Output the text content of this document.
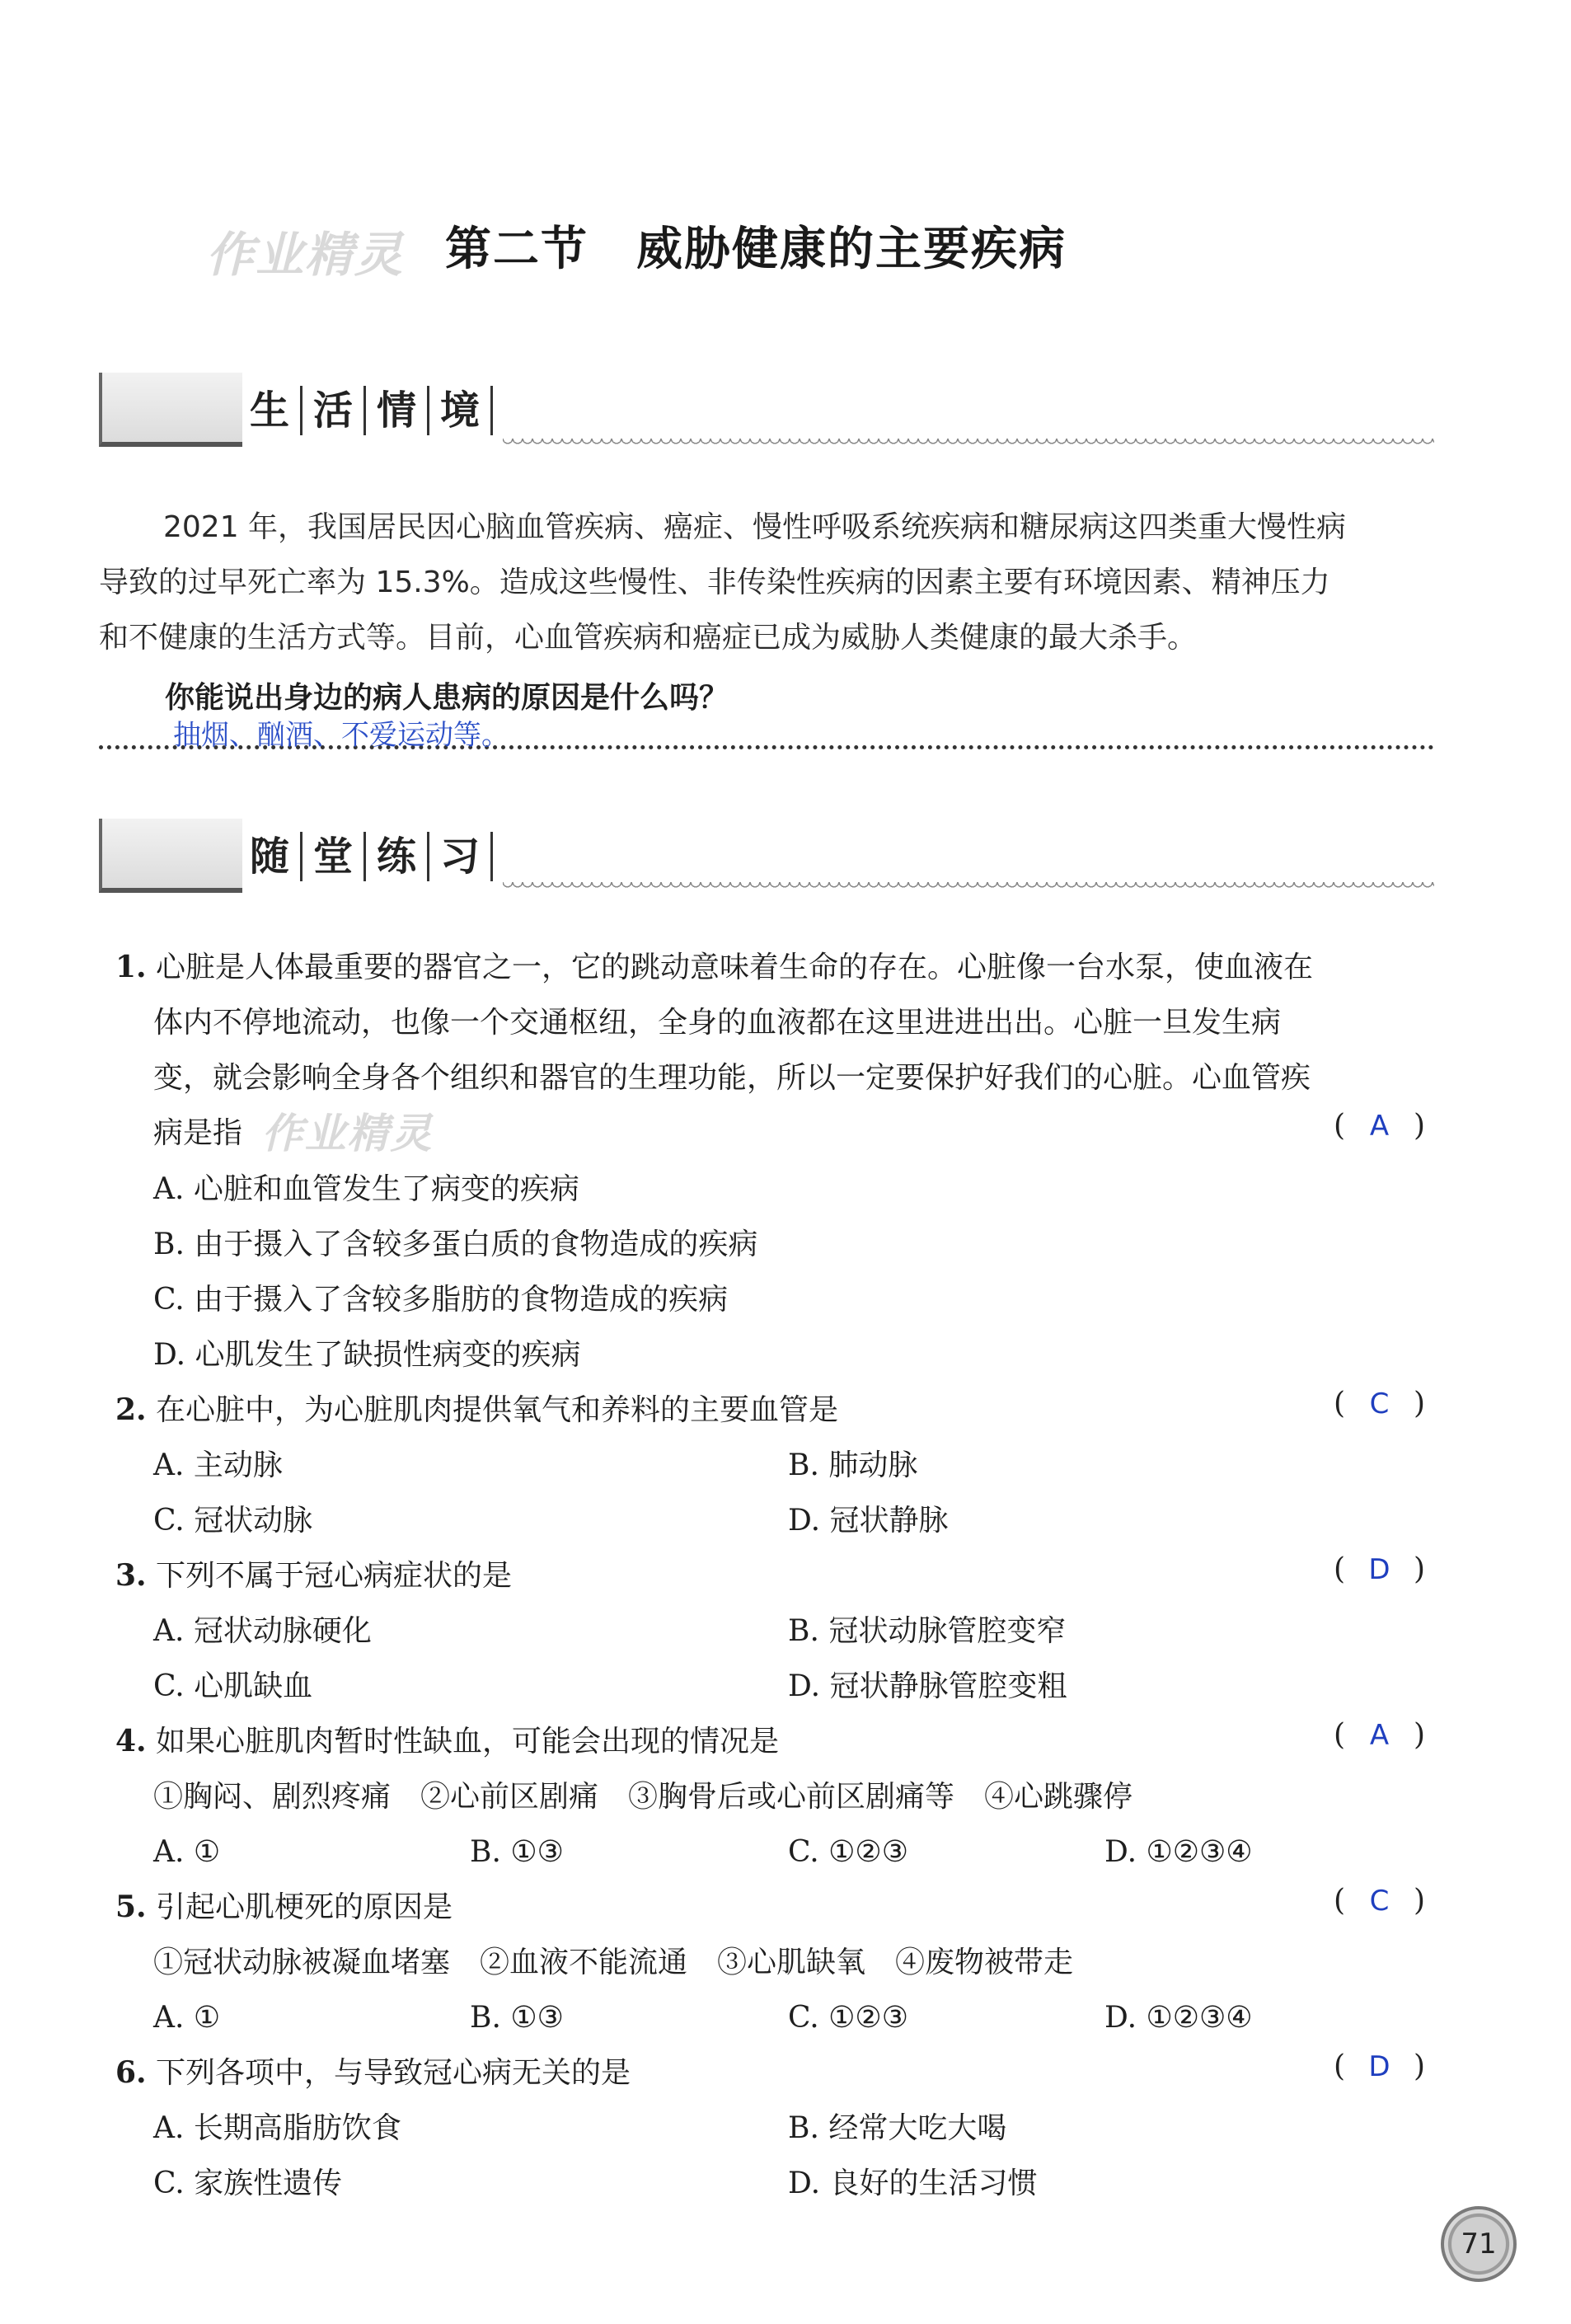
作业精灵 第二节　威胁健康的主要疾病
生 活 情 境
2021 年，我国居民因心脑血管疾病、癌症、慢性呼吸系统疾病和糖尿病这四类重大慢性病
导致的过早死亡率为 15.3%。造成这些慢性、非传染性疾病的因素主要有环境因素、精神压力
和不健康的生活方式等。目前，心血管疾病和癌症已成为威胁人类健康的最大杀手。
你能说出身边的病人患病的原因是什么吗？
抽烟、酗酒、不爱运动等。
随 堂 练 习
1. 心脏是人体最重要的器官之一，它的跳动意味着生命的存在。心脏像一台水泵，使血液在
体内不停地流动，也像一个交通枢纽，全身的血液都在这里进进出出。心脏一旦发生病
变，就会影响全身各个组织和器官的生理功能，所以一定要保护好我们的心脏。心血管疾
病是指 作业精灵
A. 心脏和血管发生了病变的疾病
B. 由于摄入了含较多蛋白质的食物造成的疾病
C. 由于摄入了含较多脂肪的食物造成的疾病
D. 心肌发生了缺损性病变的疾病
( A )
2. 在心脏中，为心脏肌肉提供氧气和养料的主要血管是
A. 主动脉	B. 肺动脉
C. 冠状动脉	D. 冠状静脉
( C )
3. 下列不属于冠心病症状的是
A. 冠状动脉硬化	B. 冠状动脉管腔变窄
C. 心肌缺血	D. 冠状静脉管腔变粗
( D )
4. 如果心脏肌肉暂时性缺血，可能会出现的情况是
①胸闷、剧烈疼痛　②心前区剧痛　③胸骨后或心前区剧痛等　④心跳骤停
A. ①	B. ①③	C. ①②③	D. ①②③④
( A )
5. 引起心肌梗死的原因是
①冠状动脉被凝血堵塞　②血液不能流通　③心肌缺氧　④废物被带走
A. ①	B. ①③	C. ①②③	D. ①②③④
( C )
6. 下列各项中，与导致冠心病无关的是
A. 长期高脂肪饮食	B. 经常大吃大喝
C. 家族性遗传	D. 良好的生活习惯
( D )
71
